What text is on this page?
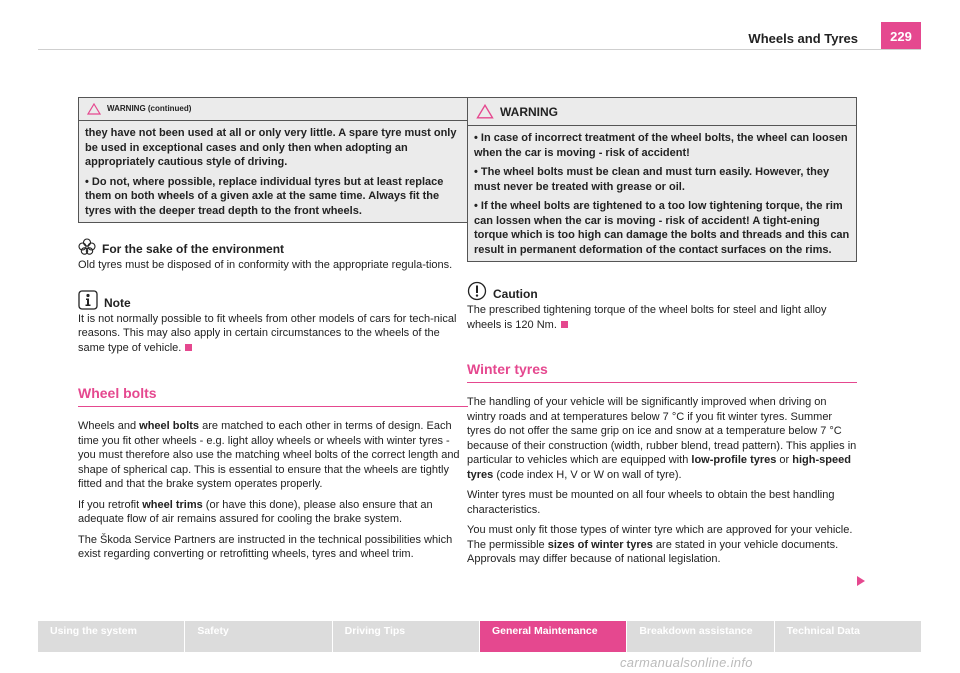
Wheels and Tyres	229
WARNING (continued)

they have not been used at all or only very little. A spare tyre must only be used in exceptional cases and only then when adopting an appropriately cautious style of driving.

• Do not, where possible, replace individual tyres but at least replace them on both wheels of a given axle at the same time. Always fit the tyres with the deeper tread depth to the front wheels.

For the sake of the environment
Old tyres must be disposed of in conformity with the appropriate regula-tions.
Note
It is not normally possible to fit wheels from other models of cars for tech-nical reasons. This may also apply in certain circumstances to the wheels of the same type of vehicle.
Wheel bolts

Wheels and wheel bolts are matched to each other in terms of design. Each time you fit other wheels - e.g. light alloy wheels or wheels with winter tyres - you must therefore also use the matching wheel bolts of the correct length and shape of spherical cap. This is essential to ensure that the wheels are tightly fitted and that the brake system operates properly.

If you retrofit wheel trims (or have this done), please also ensure that an adequate flow of air remains assured for cooling the brake system.

The Škoda Service Partners are instructed in the technical possibilities which exist regarding converting or retrofitting wheels, tyres and wheel trim.

WARNING

• In case of incorrect treatment of the wheel bolts, the wheel can loosen when the car is moving - risk of accident!

• The wheel bolts must be clean and must turn easily. However, they must never be treated with grease or oil.

• If the wheel bolts are tightened to a too low tightening torque, the rim can lossen when the car is moving - risk of accident! A tight-ening torque which is too high can damage the bolts and threads and this can result in permanent deformation of the contact surfaces on the rims.

Caution
The prescribed tightening torque of the wheel bolts for steel and light alloy wheels is 120 Nm.
Winter tyres

The handling of your vehicle will be significantly improved when driving on wintry roads and at temperatures below 7 °C if you fit winter tyres. Summer tyres do not offer the same grip on ice and snow at a temperature below 7 °C because of their construction (width, rubber blend, tread pattern). This applies in particular to vehicles which are equipped with low-profile tyres or high-speed tyres (code index H, V or W on wall of tyre).

Winter tyres must be mounted on all four wheels to obtain the best handling characteristics.

You must only fit those types of winter tyre which are approved for your vehicle. The permissible sizes of winter tyres are stated in your vehicle documents. Approvals may differ because of national legislation.

Using the system	Safety	Driving Tips	General Maintenance	Breakdown assistance	Technical Data
carmanualsonline.info
